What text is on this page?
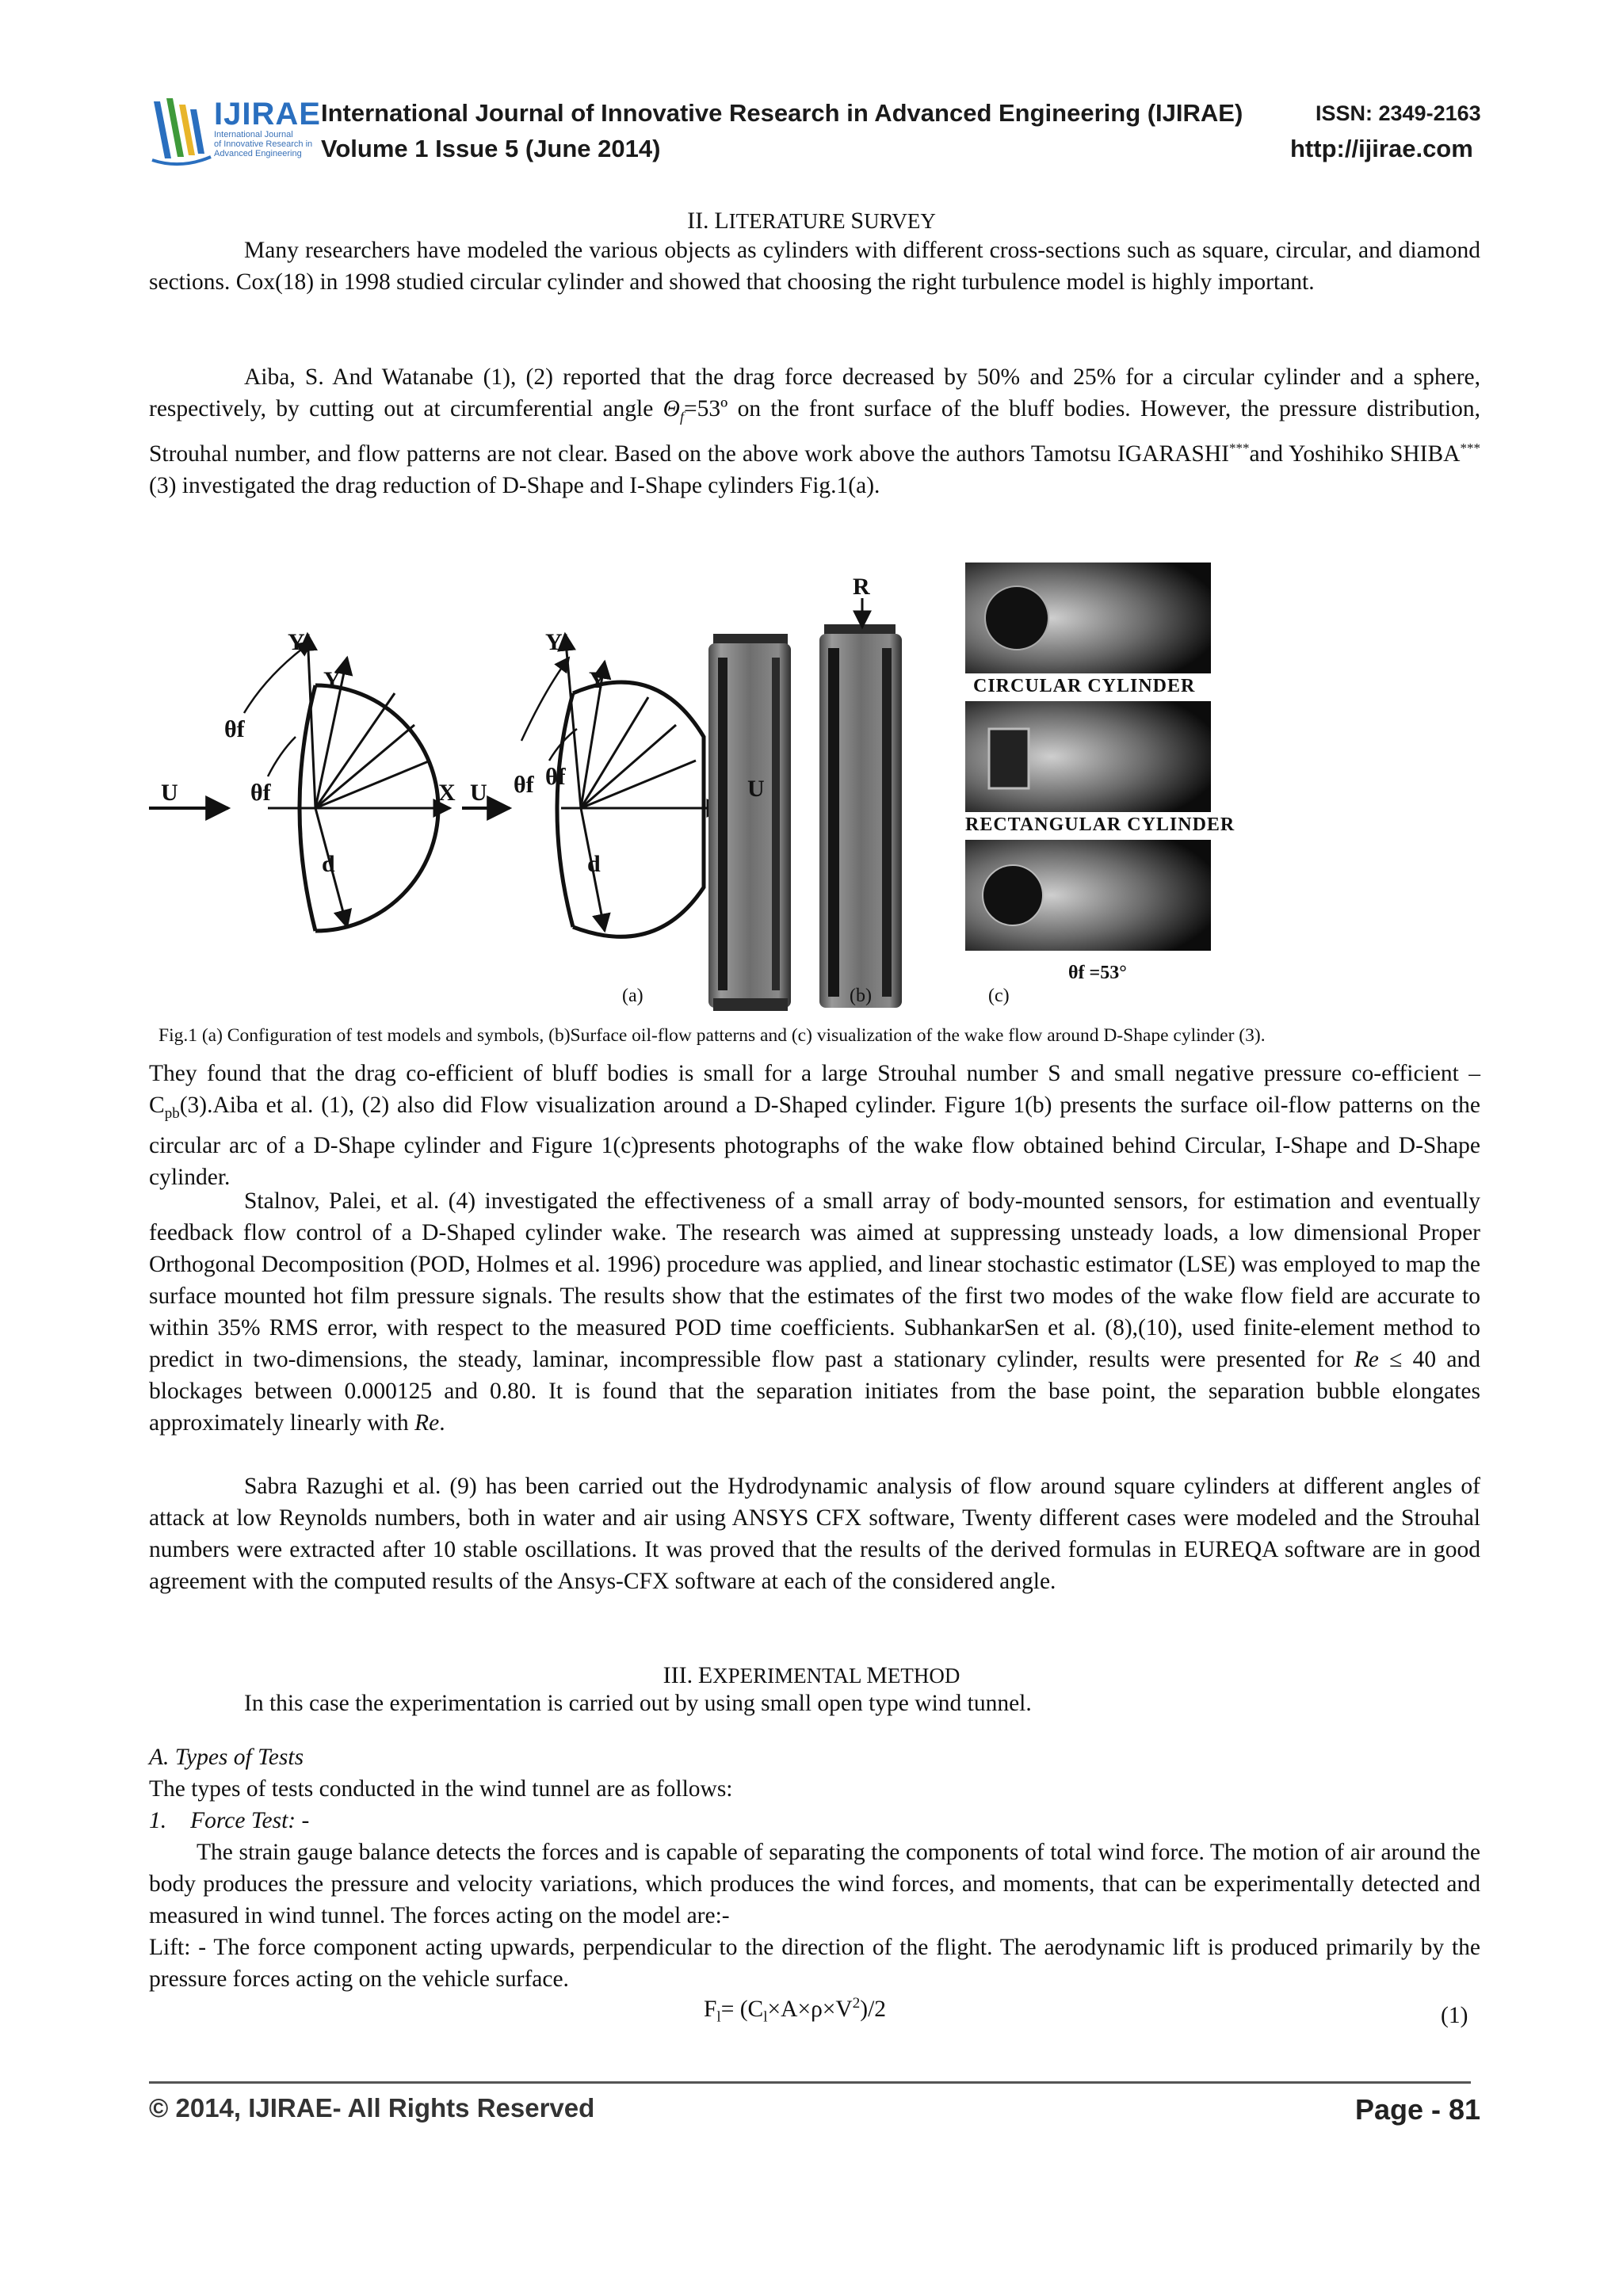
IJIRAE
International Journal
of Innovative Research in
Advanced Engineering
International Journal of Innovative Research in Advanced Engineering (IJIRAE)	ISSN: 2349-2163
Volume 1 Issue 5 (June 2014)	http://ijirae.com
II. LITERATURE SURVEY

Many researchers have modeled the various objects as cylinders with different cross-sections such as square, circular, and diamond sections. Cox(18) in 1998 studied circular cylinder and showed that choosing the right turbulence model is highly important.

Aiba, S. And Watanabe (1), (2) reported that the drag force decreased by 50% and 25% for a circular cylinder and a sphere, respectively, by cutting out at circumferential angle $\Theta_f=53º$ on the front surface of the bluff bodies. However, the pressure distribution, Strouhal number, and flow patterns are not clear. Based on the above work above the authors Tamotsu IGARASHI***and Yoshihiko SHIBA*** (3) investigated the drag reduction of D-Shape and I-Shape cylinders Fig.1(a).

U	X
Y'
Y
θf
θf
d
U
Y'
Y
θf θf
d
U
R
CIRCULAR CYLINDER
RECTANGULAR CYLINDER
θf =53°
(a)	(b)	(c)
Fig.1 (a) Configuration of test models and symbols, (b)Surface oil-flow patterns and (c) visualization of the wake flow around D-Shape cylinder (3).

They found that the drag co-efficient of bluff bodies is small for a large Strouhal number S and small negative pressure co-efficient $-C_{pb}(3).Aiba$ et al. (1), (2) also did Flow visualization around a D-Shaped cylinder. Figure 1(b) presents the surface oil-flow patterns on the circular arc of a D-Shape cylinder and Figure 1(c)presents photographs of the wake flow obtained behind Circular, I-Shape and D-Shape cylinder.

Stalnov, Palei, et al. (4) investigated the effectiveness of a small array of body-mounted sensors, for estimation and eventually feedback flow control of a D-Shaped cylinder wake. The research was aimed at suppressing unsteady loads, a low dimensional Proper Orthogonal Decomposition (POD, Holmes et al. 1996) procedure was applied, and linear stochastic estimator (LSE) was employed to map the surface mounted hot film pressure signals. The results show that the estimates of the first two modes of the wake flow field are accurate to within 35% RMS error, with respect to the measured POD time coefficients. SubhankarSen et al. (8),(10), used finite-element method to predict in two-dimensions, the steady, laminar, incompressible flow past a stationary cylinder, results were presented for Re ≤ 40 and blockages between 0.000125 and 0.80. It is found that the separation initiates from the base point, the separation bubble elongates approximately linearly with Re.

Sabra Razughi et al. (9) has been carried out the Hydrodynamic analysis of flow around square cylinders at different angles of attack at low Reynolds numbers, both in water and air using ANSYS CFX software, Twenty different cases were modeled and the Strouhal numbers were extracted after 10 stable oscillations. It was proved that the results of the derived formulas in EUREQA software are in good agreement with the computed results of the Ansys-CFX software at each of the considered angle.

III. EXPERIMENTAL METHOD

In this case the experimentation is carried out by using small open type wind tunnel.

A. Types of Tests

The types of tests conducted in the wind tunnel are as follows:

1. Force Test: -

The strain gauge balance detects the forces and is capable of separating the components of total wind force. The motion of air around the body produces the pressure and velocity variations, which produces the wind forces, and moments, that can be experimentally detected and measured in wind tunnel. The forces acting on the model are:-

Lift: - The force component acting upwards, perpendicular to the direction of the flight. The aerodynamic lift is produced primarily by the pressure forces acting on the vehicle surface.

$F_l= (C_l\times A\times\rho\times V^2)/2$	(1)
© 2014, IJIRAE- All Rights Reserved	Page - 81
